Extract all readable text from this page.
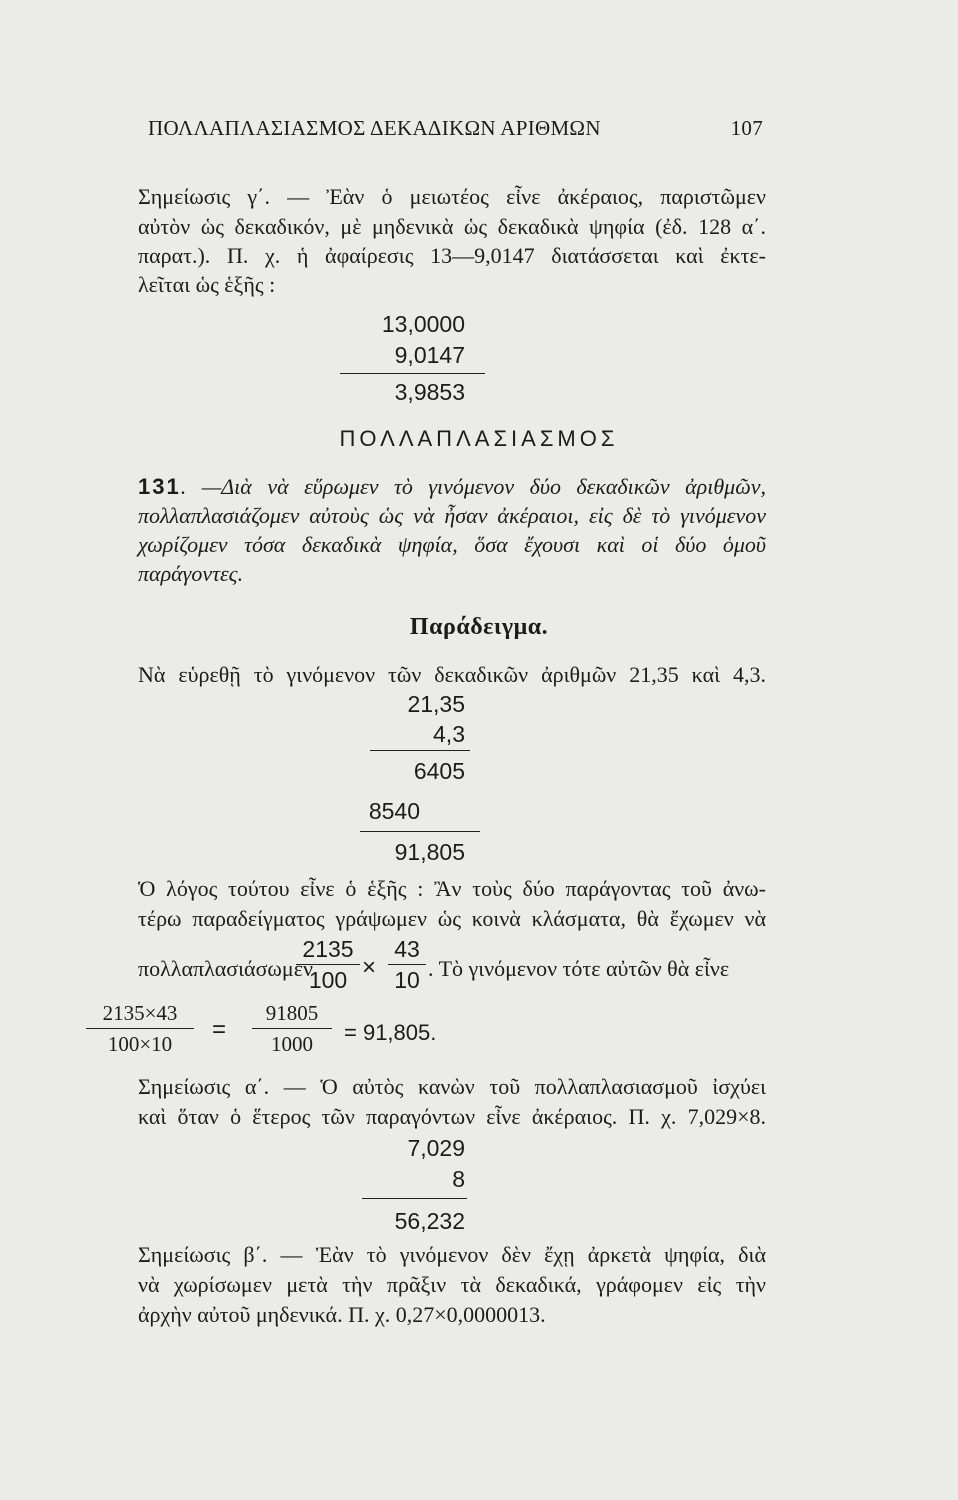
ΠΟΛΛΑΠΛΑΣΙΑΣΜΟΣ ΔΕΚΑΔΙΚΩΝ ΑΡΙΘΜΩΝ	107
Σημείωσις γ΄. — Ἐὰν ὁ μειωτέος εἶνε ἀκέραιος, παριστῶμεν
αὐτὸν ὡς δεκαδικόν, μὲ μηδενικὰ ὡς δεκαδικὰ ψηφία (ἐδ. 128 α΄.
παρατ.). Π. χ. ἡ ἀφαίρεσις 13—9,0147 διατάσσεται καὶ ἐκτε-
λεῖται ὡς ἑξῆς :
13,0000
9,0147
3,9853
ΠΟΛΛΑΠΛΑΣΙΑΣΜΟΣ
131. —Διὰ νὰ εὕρωμεν τὸ γινόμενον δύο δεκαδικῶν ἀριθμῶν,
πολλαπλασιάζομεν αὐτοὺς ὡς νὰ ἦσαν ἀκέραιοι, εἰς δὲ τὸ γινόμενον
χωρίζομεν τόσα δεκαδικὰ ψηφία, ὅσα ἔχουσι καὶ οἱ δύο ὁμοῦ
παράγοντες.
Παράδειγμα.
Νὰ εὑρεθῇ τὸ γινόμενον τῶν δεκαδικῶν ἀριθμῶν 21,35 καὶ 4,3.
21,35
4,3
6405
8540
91,805
Ὁ λόγος τούτου εἶνε ὁ ἑξῆς : Ἂν τοὺς δύο παράγοντας τοῦ ἀνω-
τέρω παραδείγματος γράψωμεν ὡς κοινὰ κλάσματα, θὰ ἔχωμεν νὰ
πολλαπλασιάσωμεν
2135
100 ×
43
10 . Τὸ γινόμενον τότε αὐτῶν θὰ εἶνε
2135×43
100×10
=
91805
1000	= 91,805.
Σημείωσις α΄. — Ὁ αὐτὸς κανὼν τοῦ πολλαπλασιασμοῦ ἰσχύει
καὶ ὅταν ὁ ἕτερος τῶν παραγόντων εἶνε ἀκέραιος. Π. χ. 7,029×8.
7,029
8
56,232
Σημείωσις β΄. — Ἐὰν τὸ γινόμενον δὲν ἔχῃ ἀρκετὰ ψηφία, διὰ
νὰ χωρίσωμεν μετὰ τὴν πρᾶξιν τὰ δεκαδικά, γράφομεν εἰς τὴν
ἀρχὴν αὐτοῦ μηδενικά. Π. χ. 0,27×0,0000013.
